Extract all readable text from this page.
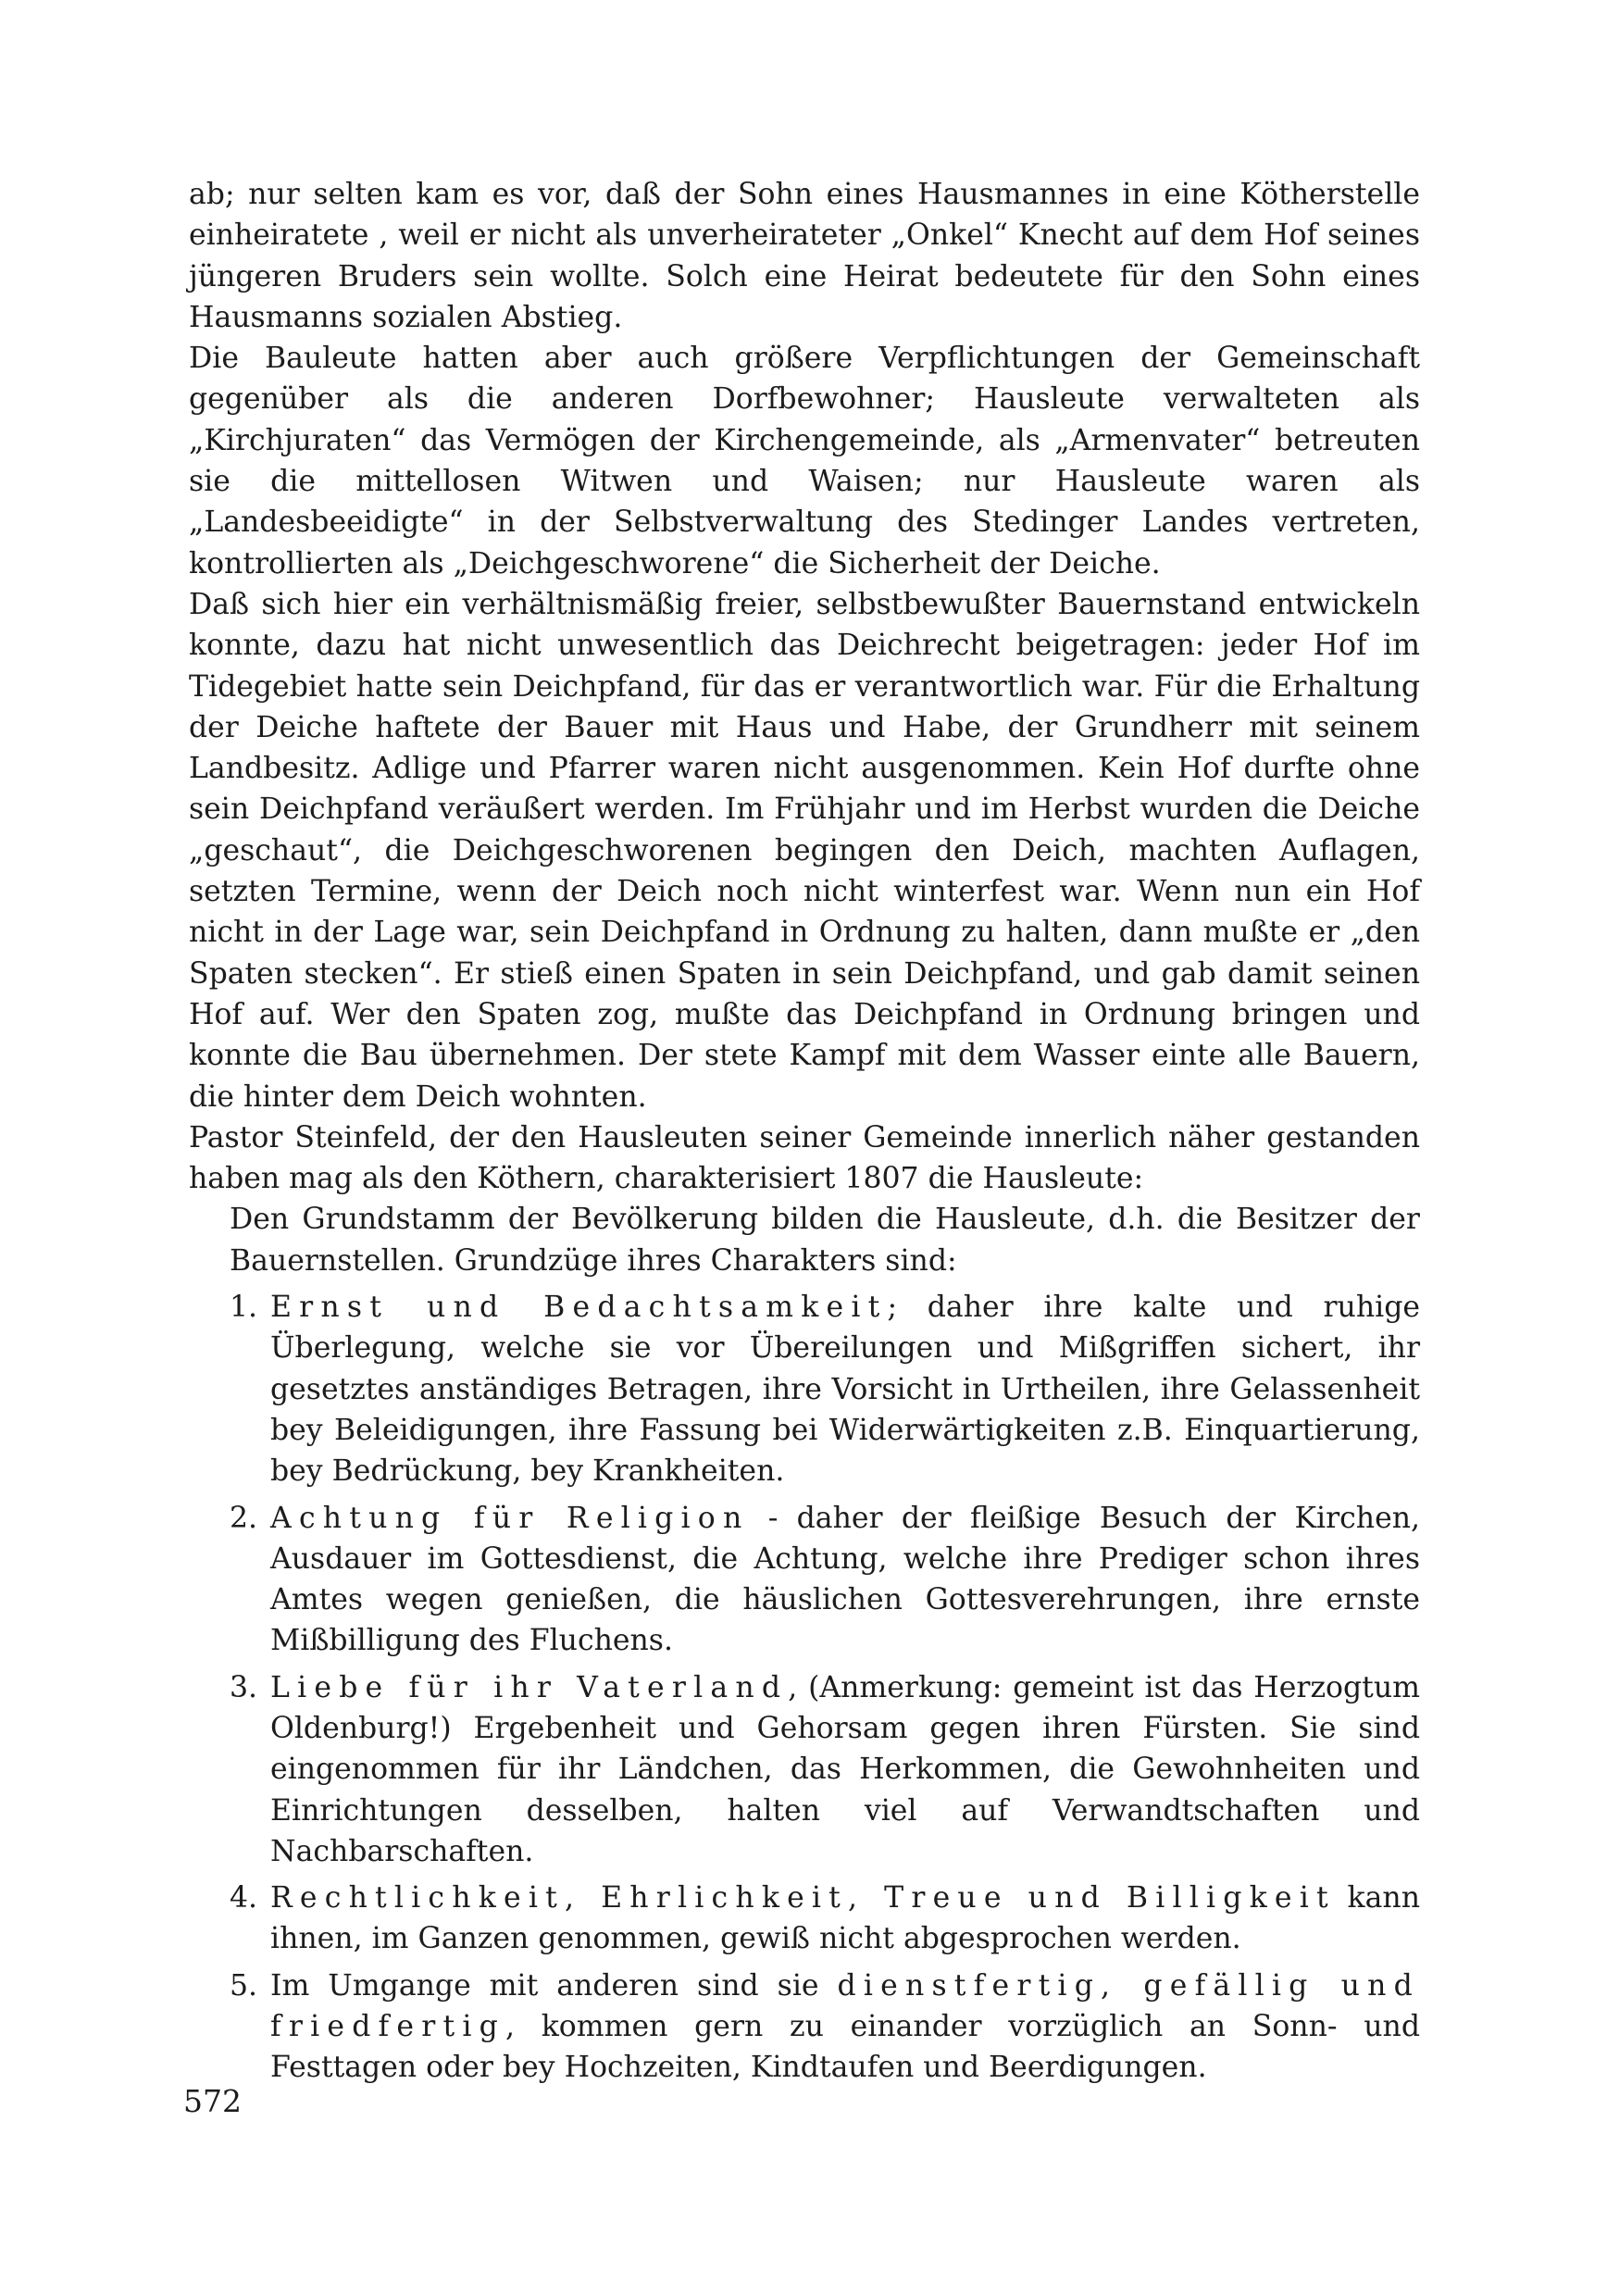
ab; nur selten kam es vor, daß der Sohn eines Hausmannes in eine Kötherstelle einheiratete , weil er nicht als unverheirateter „Onkel“ Knecht auf dem Hof seines jüngeren Bruders sein wollte. Solch eine Heirat bedeutete für den Sohn eines Hausmanns sozialen Abstieg.

Die Bauleute hatten aber auch größere Verpflichtungen der Gemeinschaft gegenüber als die anderen Dorfbewohner; Hausleute verwalteten als „Kirchjuraten“ das Vermögen der Kirchengemeinde, als „Armenvater“ betreuten sie die mittellosen Witwen und Waisen; nur Hausleute waren als „Landesbeeidigte“ in der Selbstverwaltung des Stedinger Landes vertreten, kontrollierten als „Deichgeschworene“ die Sicherheit der Deiche.

Daß sich hier ein verhältnismäßig freier, selbstbewußter Bauernstand entwickeln konnte, dazu hat nicht unwesentlich das Deichrecht beigetragen: jeder Hof im Tidegebiet hatte sein Deichpfand, für das er verantwortlich war. Für die Erhaltung der Deiche haftete der Bauer mit Haus und Habe, der Grundherr mit seinem Landbesitz. Adlige und Pfarrer waren nicht ausgenommen. Kein Hof durfte ohne sein Deichpfand veräußert werden. Im Frühjahr und im Herbst wurden die Deiche „geschaut“, die Deichgeschworenen begingen den Deich, machten Auflagen, setzten Termine, wenn der Deich noch nicht winterfest war. Wenn nun ein Hof nicht in der Lage war, sein Deichpfand in Ordnung zu halten, dann mußte er „den Spaten stecken“. Er stieß einen Spaten in sein Deichpfand, und gab damit seinen Hof auf. Wer den Spaten zog, mußte das Deichpfand in Ordnung bringen und konnte die Bau übernehmen. Der stete Kampf mit dem Wasser einte alle Bauern, die hinter dem Deich wohnten.

Pastor Steinfeld, der den Hausleuten seiner Gemeinde innerlich näher gestanden haben mag als den Köthern, charakterisiert 1807 die Hausleute:

Den Grundstamm der Bevölkerung bilden die Hausleute, d.h. die Besitzer der Bauernstellen. Grundzüge ihres Charakters sind:

1. Ernst und Bedachtsamkeit; daher ihre kalte und ruhige Überlegung, welche sie vor Übereilungen und Mißgriffen sichert, ihr gesetztes anständiges Betragen, ihre Vorsicht in Urtheilen, ihre Gelassenheit bey Beleidigungen, ihre Fassung bei Widerwärtigkeiten z.B. Einquartierung, bey Bedrückung, bey Krankheiten.
2. Achtung für Religion - daher der fleißige Besuch der Kirchen, Ausdauer im Gottesdienst, die Achtung, welche ihre Prediger schon ihres Amtes wegen genießen, die häuslichen Gottesverehrungen, ihre ernste Mißbilligung des Fluchens.
3. Liebe für ihr Vaterland, (Anmerkung: gemeint ist das Herzogtum Oldenburg!) Ergebenheit und Gehorsam gegen ihren Fürsten. Sie sind eingenommen für ihr Ländchen, das Herkommen, die Gewohnheiten und Einrichtungen desselben, halten viel auf Verwandtschaften und Nachbarschaften.
4. Rechtlichkeit, Ehrlichkeit, Treue und Billigkeit kann ihnen, im Ganzen genommen, gewiß nicht abgesprochen werden.
5. Im Umgange mit anderen sind sie dienstfertig, gefällig und friedfertig, kommen gern zu einander vorzüglich an Sonn- und Festtagen oder bey Hochzeiten, Kindtaufen und Beerdigungen.
572
